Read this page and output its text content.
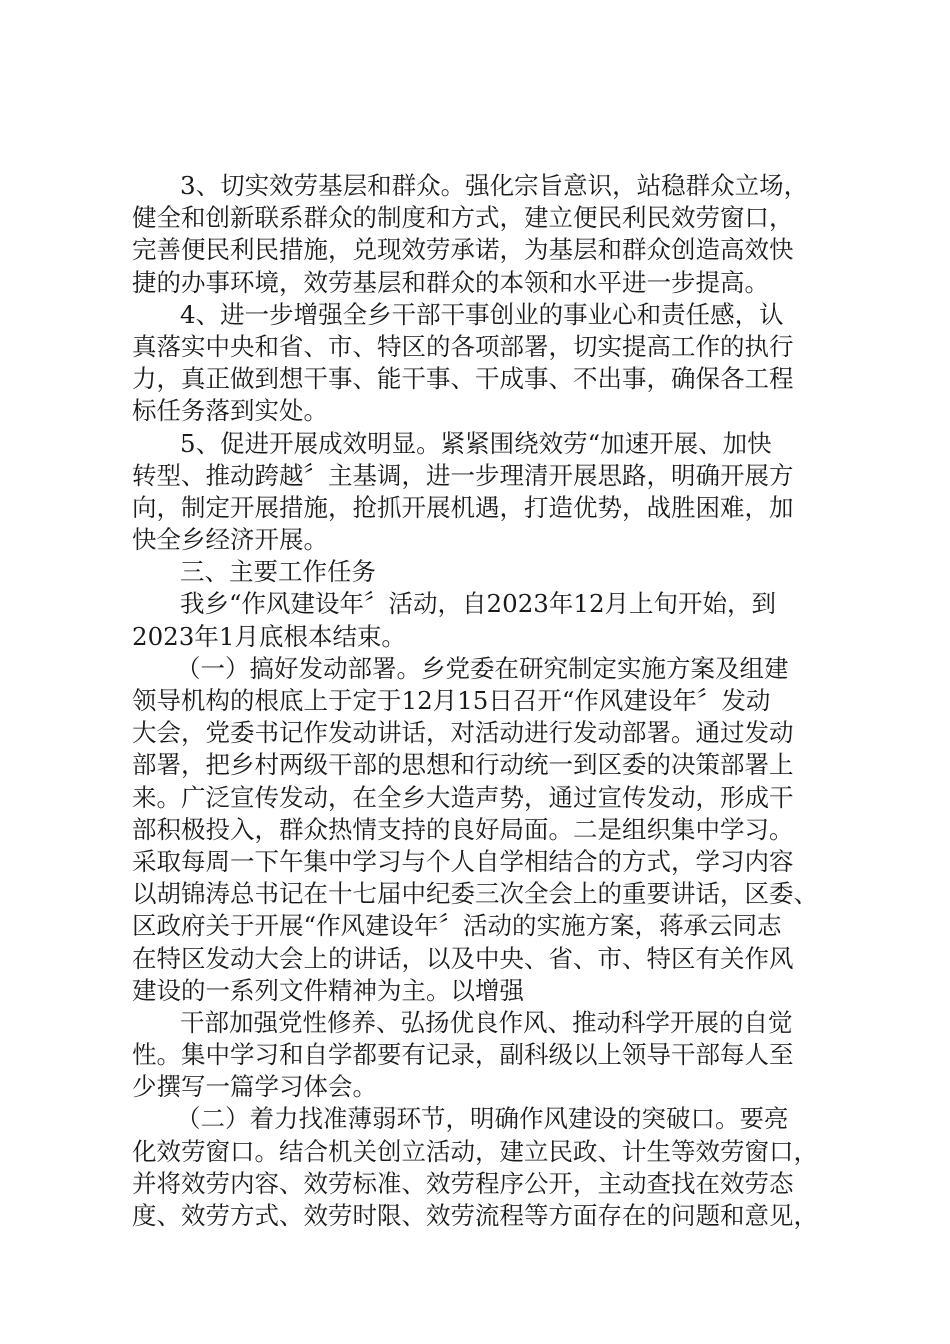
3、切实效劳基层和群众。强化宗旨意识，站稳群众立场，
健全和创新联系群众的制度和方式，建立便民利民效劳窗口，
完善便民利民措施，兑现效劳承诺，为基层和群众创造高效快
捷的办事环境，效劳基层和群众的本领和水平进一步提高。
4、进一步增强全乡干部干事创业的事业心和责任感，认
真落实中央和省、市、特区的各项部署，切实提高工作的执行
力，真正做到想干事、能干事、干成事、不出事，确保各工程
标任务落到实处。
5、促进开展成效明显。紧紧围绕效劳“加速开展、加快
转型、推动跨越〞主基调，进一步理清开展思路，明确开展方
向，制定开展措施，抢抓开展机遇，打造优势，战胜困难，加
快全乡经济开展。
三、主要工作任务
我乡“作风建设年〞活动，自2023年12月上旬开始，到
2023年1月底根本结束。
（一）搞好发动部署。乡党委在研究制定实施方案及组建
领导机构的根底上于定于12月15日召开“作风建设年〞发动
大会，党委书记作发动讲话，对活动进行发动部署。通过发动
部署，把乡村两级干部的思想和行动统一到区委的决策部署上
来。广泛宣传发动，在全乡大造声势，通过宣传发动，形成干
部积极投入，群众热情支持的良好局面。二是组织集中学习。
采取每周一下午集中学习与个人自学相结合的方式，学习内容
以胡锦涛总书记在十七届中纪委三次全会上的重要讲话，区委、
区政府关于开展“作风建设年〞活动的实施方案，蒋承云同志
在特区发动大会上的讲话，以及中央、省、市、特区有关作风
建设的一系列文件精神为主。以增强
干部加强党性修养、弘扬优良作风、推动科学开展的自觉
性。集中学习和自学都要有记录，副科级以上领导干部每人至
少撰写一篇学习体会。
（二）着力找准薄弱环节，明确作风建设的突破口。要亮
化效劳窗口。结合机关创立活动，建立民政、计生等效劳窗口，
并将效劳内容、效劳标准、效劳程序公开，主动查找在效劳态
度、效劳方式、效劳时限、效劳流程等方面存在的问题和意见，
